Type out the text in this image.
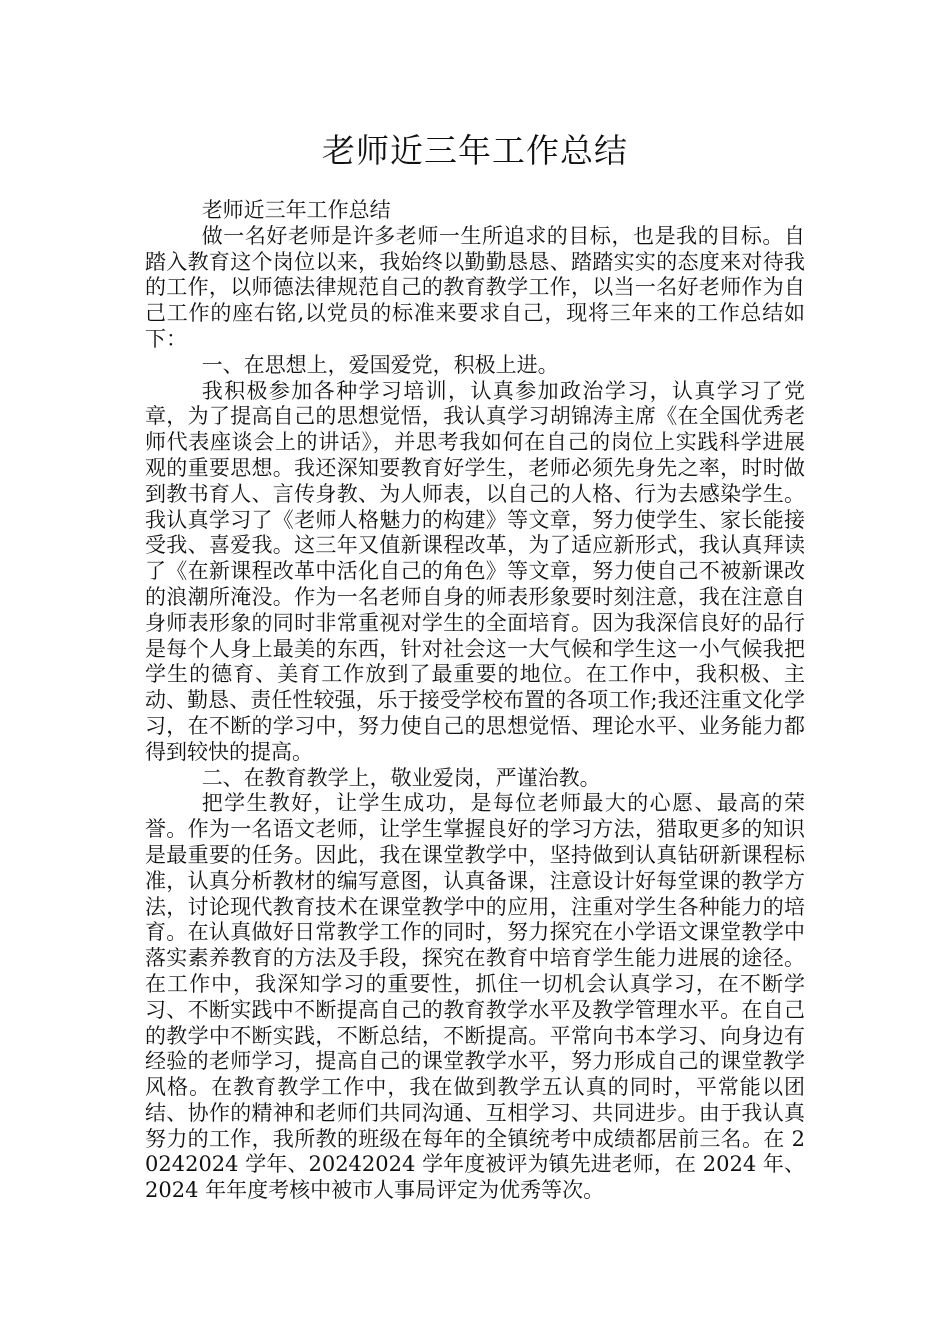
老师近三年工作总结

老师近三年工作总结

做一名好老师是许多老师一生所追求的目标，也是我的目标。自踏入教育这个岗位以来，我始终以勤勤恳恳、踏踏实实的态度来对待我的工作，以师德法律规范自己的教育教学工作，以当一名好老师作为自己工作的座右铭,以党员的标准来要求自己，现将三年来的工作总结如下：

一、在思想上，爱国爱党，积极上进。

我积极参加各种学习培训，认真参加政治学习，认真学习了党章，为了提高自己的思想觉悟，我认真学习胡锦涛主席《在全国优秀老师代表座谈会上的讲话》，并思考我如何在自己的岗位上实践科学进展观的重要思想。我还深知要教育好学生，老师必须先身先之率，时时做到教书育人、言传身教、为人师表，以自己的人格、行为去感染学生。我认真学习了《老师人格魅力的构建》等文章，努力使学生、家长能接受我、喜爱我。这三年又值新课程改革，为了适应新形式，我认真拜读了《在新课程改革中活化自己的角色》等文章，努力使自己不被新课改的浪潮所淹没。作为一名老师自身的师表形象要时刻注意，我在注意自身师表形象的同时非常重视对学生的全面培育。因为我深信良好的品行是每个人身上最美的东西，针对社会这一大气候和学生这一小气候我把学生的德育、美育工作放到了最重要的地位。在工作中，我积极、主动、勤恳、责任性较强，乐于接受学校布置的各项工作;我还注重文化学习，在不断的学习中，努力使自己的思想觉悟、理论水平、业务能力都得到较快的提高。

二、在教育教学上，敬业爱岗，严谨治教。

把学生教好，让学生成功，是每位老师最大的心愿、最高的荣誉。作为一名语文老师，让学生掌握良好的学习方法，猎取更多的知识是最重要的任务。因此，我在课堂教学中，坚持做到认真钻研新课程标准，认真分析教材的编写意图，认真备课，注意设计好每堂课的教学方法，讨论现代教育技术在课堂教学中的应用，注重对学生各种能力的培育。在认真做好日常教学工作的同时，努力探究在小学语文课堂教学中落实素养教育的方法及手段，探究在教育中培育学生能力进展的途径。在工作中，我深知学习的重要性，抓住一切机会认真学习，在不断学习、不断实践中不断提高自己的教育教学水平及教学管理水平。在自己的教学中不断实践，不断总结，不断提高。平常向书本学习、向身边有经验的老师学习，提高自己的课堂教学水平，努力形成自己的课堂教学风格。在教育教学工作中，我在做到教学五认真的同时，平常能以团结、协作的精神和老师们共同沟通、互相学习、共同进步。由于我认真努力的工作，我所教的班级在每年的全镇统考中成绩都居前三名。在 20242024 学年、20242024 学年度被评为镇先进老师，在 2024 年、2024 年年度考核中被市人事局评定为优秀等次。
